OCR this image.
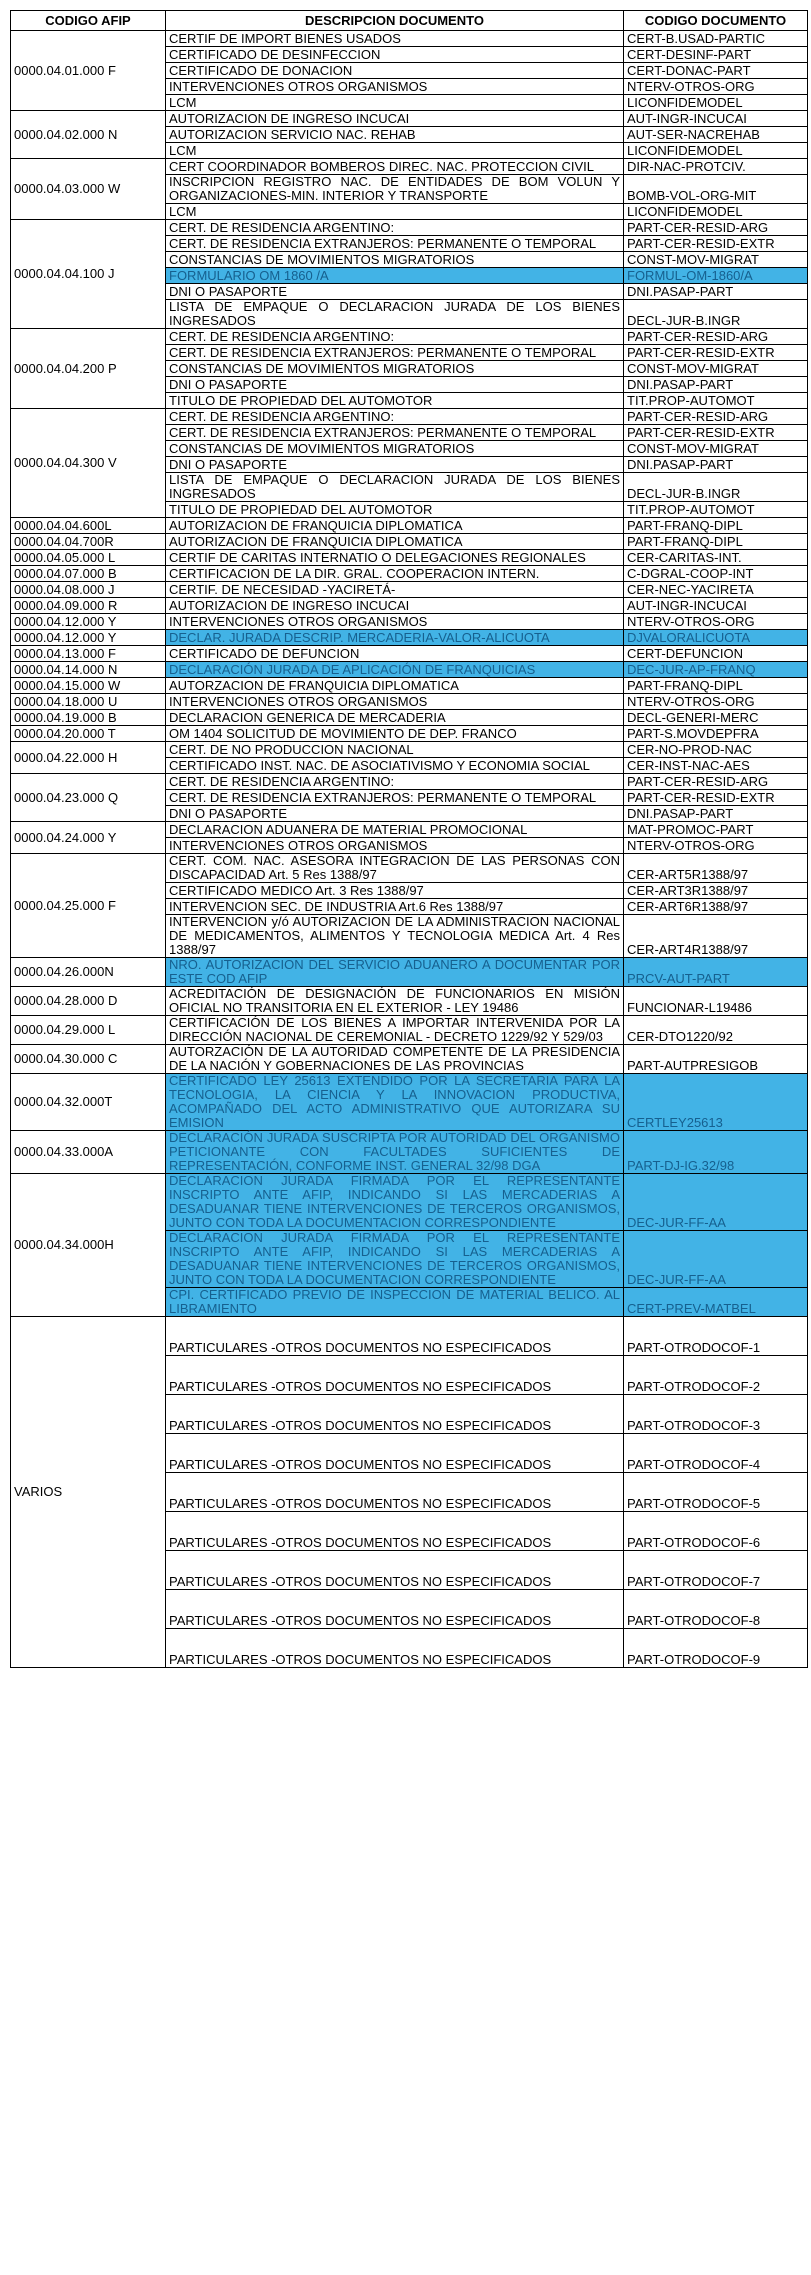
CODIGO AFIP	DESCRIPCION DOCUMENTO	CODIGO DOCUMENTO
0000.04.01.000 F	CERTIF DE IMPORT BIENES USADOS	CERT-B.USAD-PARTIC
	CERTIFICADO DE DESINFECCION	CERT-DESINF-PART
	CERTIFICADO DE DONACION	CERT-DONAC-PART
	INTERVENCIONES OTROS ORGANISMOS	NTERV-OTROS-ORG
	LCM	LICONFIDEMODEL
0000.04.02.000 N	AUTORIZACION DE INGRESO INCUCAI	AUT-INGR-INCUCAI
	AUTORIZACION SERVICIO NAC. REHAB	AUT-SER-NACREHAB
	LCM	LICONFIDEMODEL
0000.04.03.000 W	CERT COORDINADOR BOMBEROS DIREC. NAC. PROTECCION CIVIL	DIR-NAC-PROTCIV.
	INSCRIPCION REGISTRO NAC. DE ENTIDADES DE BOM VOLUN Y ORGANIZACIONES-MIN. INTERIOR Y TRANSPORTE	BOMB-VOL-ORG-MIT
	LCM	LICONFIDEMODEL
0000.04.04.100 J	CERT. DE RESIDENCIA ARGENTINO:	PART-CER-RESID-ARG
	CERT. DE RESIDENCIA EXTRANJEROS: PERMANENTE O TEMPORAL	PART-CER-RESID-EXTR
	CONSTANCIAS DE MOVIMIENTOS MIGRATORIOS	CONST-MOV-MIGRAT
	FORMULARIO OM 1860 /A	FORMUL-OM-1860/A
	DNI O PASAPORTE	DNI.PASAP-PART
	LISTA DE EMPAQUE O DECLARACION JURADA DE LOS BIENES INGRESADOS	DECL-JUR-B.INGR
0000.04.04.200 P	CERT. DE RESIDENCIA ARGENTINO:	PART-CER-RESID-ARG
	CERT. DE RESIDENCIA EXTRANJEROS: PERMANENTE O TEMPORAL	PART-CER-RESID-EXTR
	CONSTANCIAS DE MOVIMIENTOS MIGRATORIOS	CONST-MOV-MIGRAT
	DNI O PASAPORTE	DNI.PASAP-PART
	TITULO DE PROPIEDAD DEL AUTOMOTOR	TIT.PROP-AUTOMOT
0000.04.04.300 V	CERT. DE RESIDENCIA ARGENTINO:	PART-CER-RESID-ARG
	CERT. DE RESIDENCIA EXTRANJEROS: PERMANENTE O TEMPORAL	PART-CER-RESID-EXTR
	CONSTANCIAS DE MOVIMIENTOS MIGRATORIOS	CONST-MOV-MIGRAT
	DNI O PASAPORTE	DNI.PASAP-PART
	LISTA DE EMPAQUE O DECLARACION JURADA DE LOS BIENES INGRESADOS	DECL-JUR-B.INGR
	TITULO DE PROPIEDAD DEL AUTOMOTOR	TIT.PROP-AUTOMOT
0000.04.04.600L	AUTORIZACION DE FRANQUICIA DIPLOMATICA	PART-FRANQ-DIPL
0000.04.04.700R	AUTORIZACION DE FRANQUICIA DIPLOMATICA	PART-FRANQ-DIPL
0000.04.05.000 L	CERTIF DE CARITAS INTERNATIO O DELEGACIONES REGIONALES	CER-CARITAS-INT.
0000.04.07.000 B	CERTIFICACION DE LA DIR. GRAL. COOPERACION INTERN.	C-DGRAL-COOP-INT
0000.04.08.000 J	CERTIF. DE NECESIDAD -YACIRETÁ-	CER-NEC-YACIRETA
0000.04.09.000 R	AUTORIZACION DE INGRESO INCUCAI	AUT-INGR-INCUCAI
0000.04.12.000 Y	INTERVENCIONES OTROS ORGANISMOS	NTERV-OTROS-ORG
0000.04.12.000 Y	DECLAR. JURADA DESCRIP. MERCADERIA-VALOR-ALICUOTA	DJVALORALICUOTA
0000.04.13.000 F	CERTIFICADO DE DEFUNCION	CERT-DEFUNCION
0000.04.14.000 N	DECLARACIÓN JURADA DE APLICACIÓN DE FRANQUICIAS	DEC-JUR-AP-FRANQ
0000.04.15.000 W	AUTORZACION DE FRANQUICIA DIPLOMATICA	PART-FRANQ-DIPL
0000.04.18.000 U	INTERVENCIONES OTROS ORGANISMOS	NTERV-OTROS-ORG
0000.04.19.000 B	DECLARACION GENERICA DE MERCADERIA	DECL-GENERI-MERC
0000.04.20.000 T	OM 1404 SOLICITUD DE MOVIMIENTO DE DEP. FRANCO	PART-S.MOVDEPFRA
0000.04.22.000 H	CERT. DE NO PRODUCCION NACIONAL	CER-NO-PROD-NAC
	CERTIFICADO INST. NAC. DE ASOCIATIVISMO Y ECONOMIA SOCIAL	CER-INST-NAC-AES
0000.04.23.000 Q	CERT. DE RESIDENCIA ARGENTINO:	PART-CER-RESID-ARG
	CERT. DE RESIDENCIA EXTRANJEROS: PERMANENTE O TEMPORAL	PART-CER-RESID-EXTR
	DNI O PASAPORTE	DNI.PASAP-PART
0000.04.24.000 Y	DECLARACION ADUANERA DE MATERIAL PROMOCIONAL	MAT-PROMOC-PART
	INTERVENCIONES OTROS ORGANISMOS	NTERV-OTROS-ORG
0000.04.25.000 F	CERT. COM. NAC. ASESORA INTEGRACION DE LAS PERSONAS CON DISCAPACIDAD Art. 5 Res 1388/97	CER-ART5R1388/97
	CERTIFICADO MEDICO Art. 3 Res 1388/97	CER-ART3R1388/97
	INTERVENCION SEC. DE INDUSTRIA Art.6 Res 1388/97	CER-ART6R1388/97
	INTERVENCION y/ó AUTORIZACION DE LA ADMINISTRACION NACIONAL DE MEDICAMENTOS, ALIMENTOS Y TECNOLOGIA MEDICA Art. 4 Res 1388/97	CER-ART4R1388/97
0000.04.26.000N	NRO. AUTORIZACION DEL SERVICIO ADUANERO A DOCUMENTAR POR ESTE COD AFIP	PRCV-AUT-PART
0000.04.28.000 D	ACREDITACIÓN DE DESIGNACIÓN DE FUNCIONARIOS EN MISIÓN OFICIAL NO TRANSITORIA EN EL EXTERIOR - LEY 19486	FUNCIONAR-L19486
0000.04.29.000 L	CERTIFICACIÓN DE LOS BIENES A IMPORTAR INTERVENIDA POR LA DIRECCIÓN NACIONAL DE CEREMONIAL - DECRETO 1229/92 Y 529/03	CER-DTO1220/92
0000.04.30.000 C	AUTORZACIÓN DE LA AUTORIDAD COMPETENTE DE LA PRESIDENCIA DE LA NACIÓN Y GOBERNACIONES DE LAS PROVINCIAS	PART-AUTPRESIGOB
0000.04.32.000T	CERTIFICADO LEY 25613 EXTENDIDO POR LA SECRETARIA PARA LA TECNOLOGIA, LA CIENCIA Y LA INNOVACION PRODUCTIVA, ACOMPAÑADO DEL ACTO ADMINISTRATIVO QUE AUTORIZARA SU EMISION	CERTLEY25613
0000.04.33.000A	DECLARACIÓN JURADA SUSCRIPTA POR AUTORIDAD DEL ORGANISMO PETICIONANTE CON FACULTADES SUFICIENTES DE REPRESENTACIÓN, CONFORME INST. GENERAL 32/98 DGA	PART-DJ-IG.32/98
0000.04.34.000H	DECLARACION JURADA FIRMADA POR EL REPRESENTANTE INSCRIPTO ANTE AFIP, INDICANDO SI LAS MERCADERIAS A DESADUANAR TIENE INTERVENCIONES DE TERCEROS ORGANISMOS, JUNTO CON TODA LA DOCUMENTACION CORRESPONDIENTE	DEC-JUR-FF-AA
	DECLARACION JURADA FIRMADA POR EL REPRESENTANTE INSCRIPTO ANTE AFIP, INDICANDO SI LAS MERCADERIAS A DESADUANAR TIENE INTERVENCIONES DE TERCEROS ORGANISMOS, JUNTO CON TODA LA DOCUMENTACION CORRESPONDIENTE	DEC-JUR-FF-AA
	CPI. CERTIFICADO PREVIO DE INSPECCION DE MATERIAL BELICO. AL LIBRAMIENTO	CERT-PREV-MATBEL
VARIOS	PARTICULARES -OTROS DOCUMENTOS NO ESPECIFICADOS	PART-OTRODOCOF-1
	PARTICULARES -OTROS DOCUMENTOS NO ESPECIFICADOS	PART-OTRODOCOF-2
	PARTICULARES -OTROS DOCUMENTOS NO ESPECIFICADOS	PART-OTRODOCOF-3
	PARTICULARES -OTROS DOCUMENTOS NO ESPECIFICADOS	PART-OTRODOCOF-4
	PARTICULARES -OTROS DOCUMENTOS NO ESPECIFICADOS	PART-OTRODOCOF-5
	PARTICULARES -OTROS DOCUMENTOS NO ESPECIFICADOS	PART-OTRODOCOF-6
	PARTICULARES -OTROS DOCUMENTOS NO ESPECIFICADOS	PART-OTRODOCOF-7
	PARTICULARES -OTROS DOCUMENTOS NO ESPECIFICADOS	PART-OTRODOCOF-8
	PARTICULARES -OTROS DOCUMENTOS NO ESPECIFICADOS	PART-OTRODOCOF-9
